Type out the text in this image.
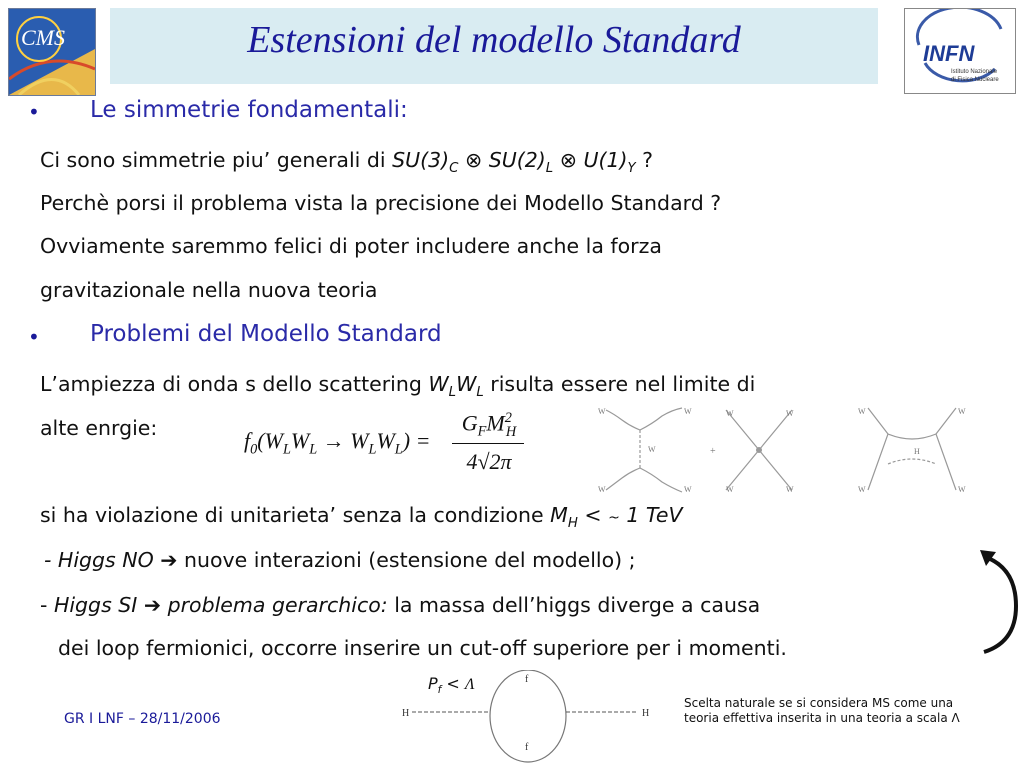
CMS
INFN
Istituto Nazionale
di Fisica Nucleare
Estensioni del modello Standard
• Le simmetrie fondamentali:
Ci sono simmetrie piu’ generali di $SU(3)_C$ ⊗ $SU(2)_L$ ⊗ $U(1)_Y$ ?
Perchè porsi il problema vista la precisione dei Modello Standard ?
Ovviamente saremmo felici di poter includere anche la forza
gravitazionale nella nuova teoria
• Problemi del Modello Standard
L’ampiezza di onda s dello scattering $W_LW_L$ risulta essere nel limite di
alte enrgie:	$f_0(W_LW_L \to W_LW_L)$ =
$G_FM^2_H$
4√2π
W
W
W
W
W	+
W	W
W	W
W
W
W
W
H
si ha violazione di unitarieta’ senza la condizione $M_H$ < ~ 1 TeV
- Higgs NO ➔ nuove interazioni (estensione del modello) ;
- Higgs SI ➔ problema gerarchico: la massa dell’higgs diverge a causa
dei loop fermionici, occorre inserire un cut-off superiore per i momenti.
$P_f < \Lambda$
H	H
f
f
Scelta naturale se si considera MS come una
teoria effettiva inserita in una teoria a scala Λ
GR I LNF – 28/11/2006
